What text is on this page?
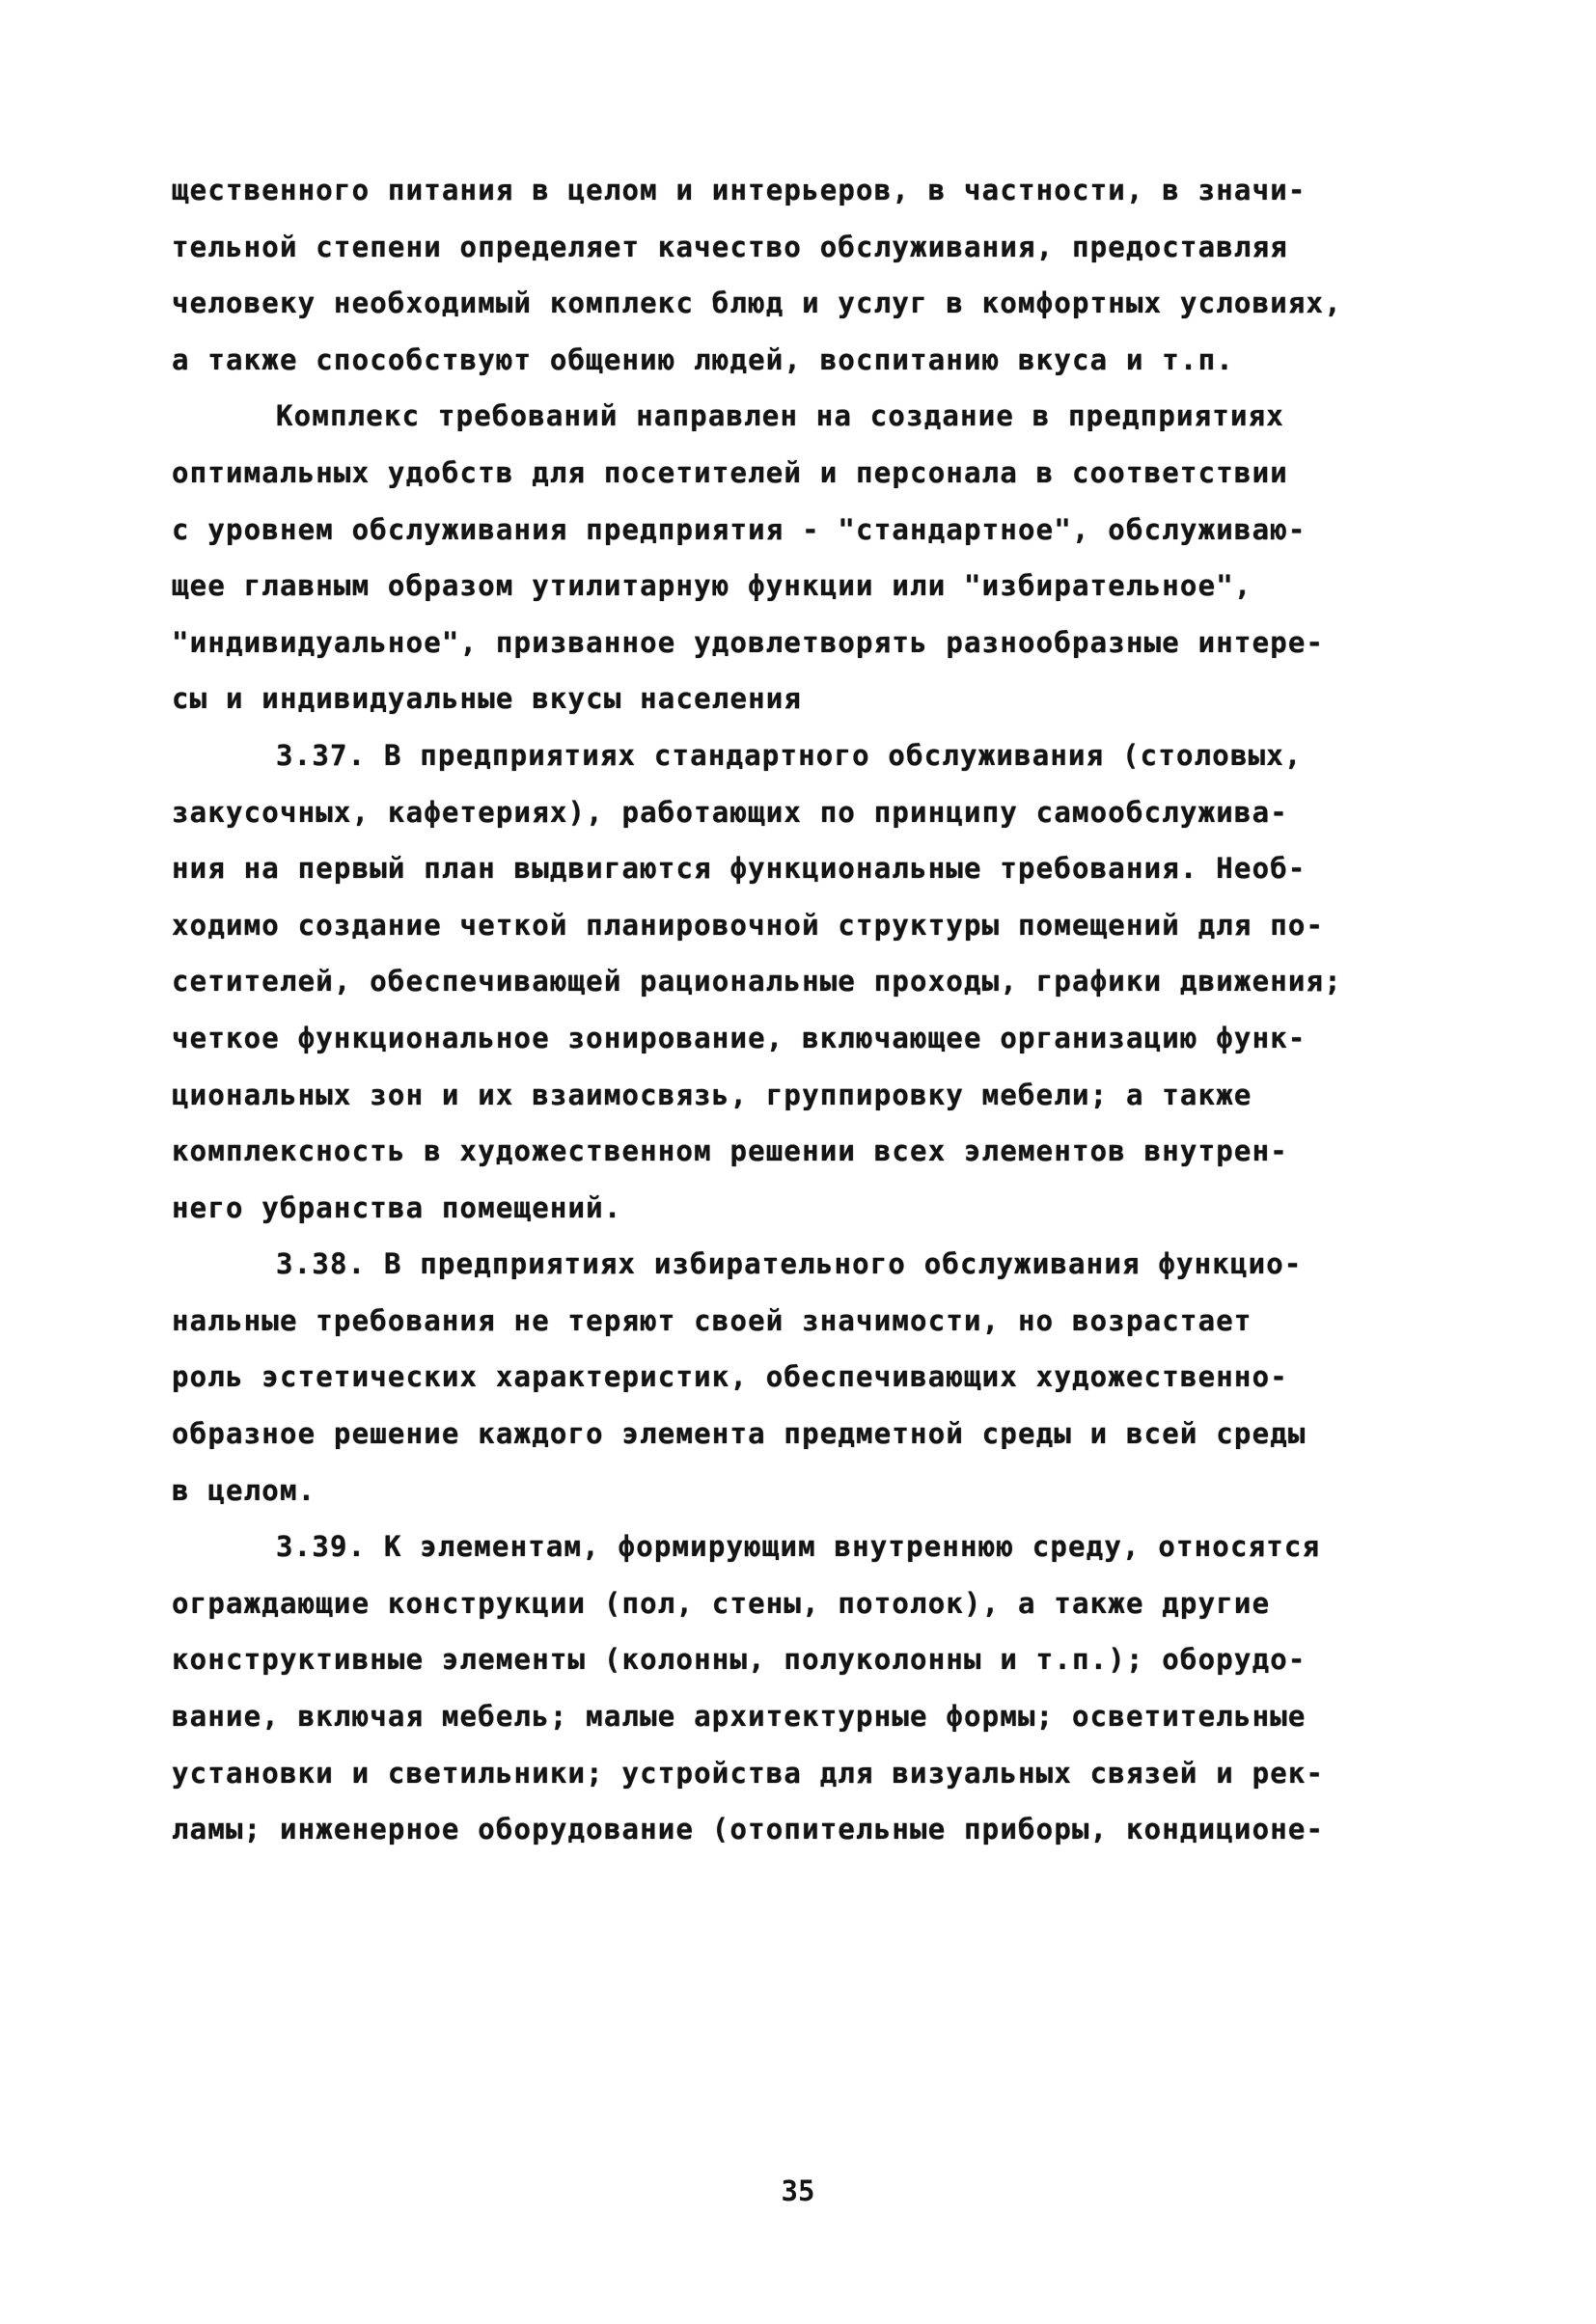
щественного питания в целом и интерьеров, в частности, в значи-
тельной степени определяет качество обслуживания, предоставляя
человеку необходимый комплекс блюд и услуг в комфортных условиях,
а также способствуют общению людей, воспитанию вкуса и т.п.
Комплекс требований направлен на создание в предприятиях
оптимальных удобств для посетителей и персонала в соответствии
с уровнем обслуживания предприятия - "стандартное", обслуживаю-
щее главным образом утилитарную функции или "избирательное",
"индивидуальное", призванное удовлетворять разнообразные интере-
сы и индивидуальные вкусы населения
3.37. В предприятиях стандартного обслуживания (столовых,
закусочных, кафетериях), работающих по принципу самообслужива-
ния на первый план выдвигаются функциональные требования. Необ-
ходимо создание четкой планировочной структуры помещений для по-
сетителей, обеспечивающей рациональные проходы, графики движения;
четкое функциональное зонирование, включающее организацию функ-
циональных зон и их взаимосвязь, группировку мебели; а также
комплексность в художественном решении всех элементов внутрен-
него убранства помещений.
3.38. В предприятиях избирательного обслуживания функцио-
нальные требования не теряют своей значимости, но возрастает
роль эстетических характеристик, обеспечивающих художественно-
образное решение каждого элемента предметной среды и всей среды
в целом.
3.39. К элементам, формирующим внутреннюю среду, относятся
ограждающие конструкции (пол, стены, потолок), а также другие
конструктивные элементы (колонны, полуколонны и т.п.); оборудо-
вание, включая мебель; малые архитектурные формы; осветительные
установки и светильники; устройства для визуальных связей и рек-
ламы; инженерное оборудование (отопительные приборы, кондиционе-
35
